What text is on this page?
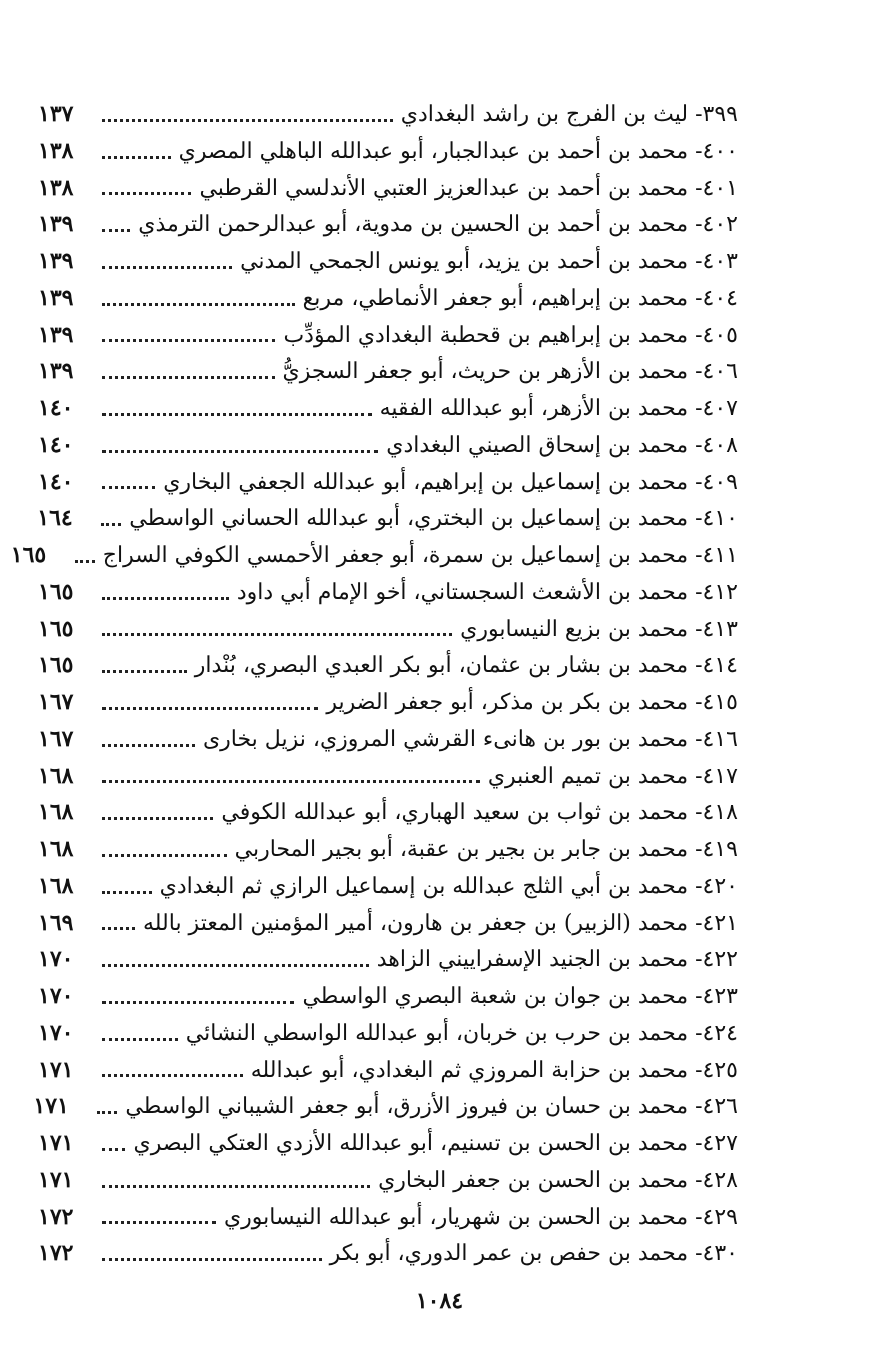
٣٩٩- ليث بن الفرج بن راشد البغدادي
١٣٧
٤٠٠- محمد بن أحمد بن عبدالجبار، أبو عبدالله الباهلي المصري
١٣٨
٤٠١- محمد بن أحمد بن عبدالعزيز العتبي الأندلسي القرطبي
١٣٨
٤٠٢- محمد بن أحمد بن الحسين بن مدوية، أبو عبدالرحمن الترمذي
١٣٩
٤٠٣- محمد بن أحمد بن يزيد، أبو يونس الجمحي المدني
١٣٩
٤٠٤- محمد بن إبراهيم، أبو جعفر الأنماطي، مربع
١٣٩
٤٠٥- محمد بن إبراهيم بن قحطبة البغدادي المؤدِّب
١٣٩
٤٠٦- محمد بن الأزهر بن حريث، أبو جعفر السجزيُّ
١٣٩
٤٠٧- محمد بن الأزهر، أبو عبدالله الفقيه
١٤٠
٤٠٨- محمد بن إسحاق الصيني البغدادي
١٤٠
٤٠٩- محمد بن إسماعيل بن إبراهيم، أبو عبدالله الجعفي البخاري
١٤٠
٤١٠- محمد بن إسماعيل بن البختري، أبو عبدالله الحساني الواسطي
١٦٤
٤١١- محمد بن إسماعيل بن سمرة، أبو جعفر الأحمسي الكوفي السراج
١٦٥
٤١٢- محمد بن الأشعث السجستاني، أخو الإمام أبي داود
١٦٥
٤١٣- محمد بن بزيع النيسابوري
١٦٥
٤١٤- محمد بن بشار بن عثمان، أبو بكر العبدي البصري، بُنْدار
١٦٥
٤١٥- محمد بن بكر بن مذكر، أبو جعفر الضرير
١٦٧
٤١٦- محمد بن بور بن هانىء القرشي المروزي، نزيل بخارى
١٦٧
٤١٧- محمد بن تميم العنبري
١٦٨
٤١٨- محمد بن ثواب بن سعيد الهباري، أبو عبدالله الكوفي
١٦٨
٤١٩- محمد بن جابر بن بجير بن عقبة، أبو بجير المحاربي
١٦٨
٤٢٠- محمد بن أبي الثلج عبدالله بن إسماعيل الرازي ثم البغدادي
١٦٨
٤٢١- محمد (الزبير) بن جعفر بن هارون، أمير المؤمنين المعتز بالله
١٦٩
٤٢٢- محمد بن الجنيد الإسفراييني الزاهد
١٧٠
٤٢٣- محمد بن جوان بن شعبة البصري الواسطي
١٧٠
٤٢٤- محمد بن حرب بن خربان، أبو عبدالله الواسطي النشائي
١٧٠
٤٢٥- محمد بن حزابة المروزي ثم البغدادي، أبو عبدالله
١٧١
٤٢٦- محمد بن حسان بن فيروز الأزرق، أبو جعفر الشيباني الواسطي
١٧١
٤٢٧- محمد بن الحسن بن تسنيم، أبو عبدالله الأزدي العتكي البصري
١٧١
٤٢٨- محمد بن الحسن بن جعفر البخاري
١٧١
٤٢٩- محمد بن الحسن بن شهريار، أبو عبدالله النيسابوري
١٧٢
٤٣٠- محمد بن حفص بن عمر الدوري، أبو بكر
١٧٢
١٠٨٤
